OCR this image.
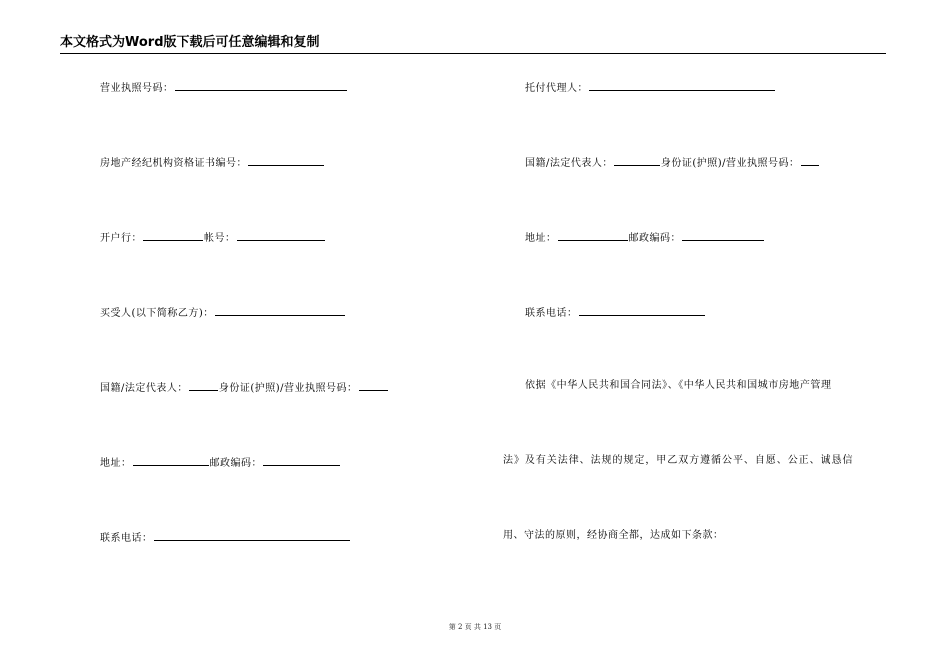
本文格式为Word版下载后可任意编辑和复制
营业执照号码：
房地产经纪机构资格证书编号：
开户行：	帐号：
买受人(以下简称乙方)：
国籍/法定代表人：	身份证(护照)/营业执照号码：
地址：	邮政编码：
联系电话：
托付代理人：
国籍/法定代表人：	身份证(护照)/营业执照号码：
地址：	邮政编码：
联系电话：
依据《中华人民共和国合同法》、《中华人民共和国城市房地产管理
法》及有关法律、法规的规定，甲乙双方遵循公平、自愿、公正、诚恳信
用、守法的原则，经协商全都，达成如下条款：
第 2 页 共 13 页
